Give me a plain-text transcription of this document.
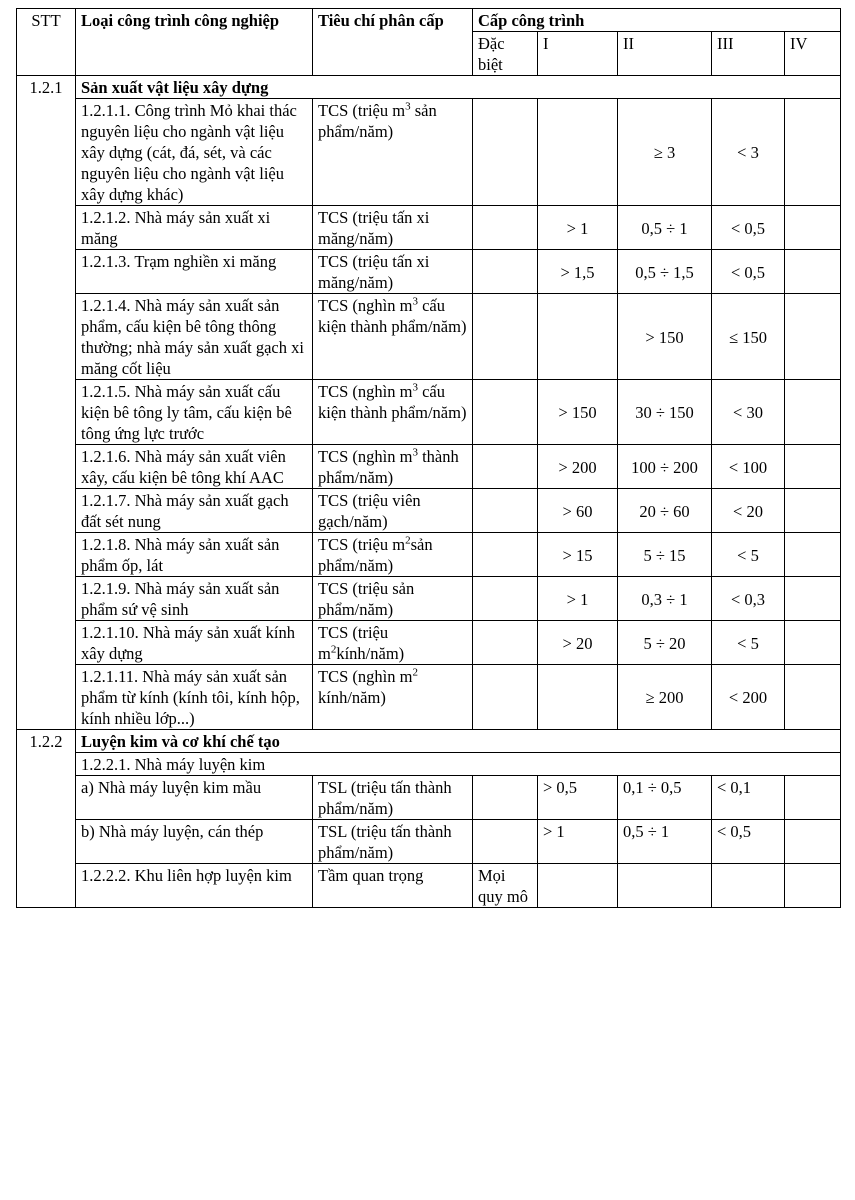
STT	Loại công trình công nghiệp	Tiêu chí phân cấp	Cấp công trình				
			Đặc biệt	I	II	III	IV
1.2.1	Sản xuất vật liệu xây dựng						
	1.2.1.1. Công trình Mỏ khai thác nguyên liệu cho ngành vật liệu xây dựng (cát, đá, sét, và các nguyên liệu cho ngành vật liệu xây dựng khác)	TCS (triệu $m^3$ sản phẩm/năm)			≥ 3	< 3	
	1.2.1.2. Nhà máy sản xuất xi măng	TCS (triệu tấn xi măng/năm)		> 1	0,5 ÷ 1	< 0,5	
	1.2.1.3. Trạm nghiền xi măng	TCS (triệu tấn xi măng/năm)		> 1,5	0,5 ÷ 1,5	< 0,5	
	1.2.1.4. Nhà máy sản xuất sản phẩm, cấu kiện bê tông thông thường; nhà máy sản xuất gạch xi măng cốt liệu	TCS (nghìn $m^3$ cấu kiện thành phẩm/năm)			> 150	≤ 150	
	1.2.1.5. Nhà máy sản xuất cấu kiện bê tông ly tâm, cấu kiện bê tông ứng lực trước	TCS (nghìn $m^3$ cấu kiện thành phẩm/năm)		> 150	30 ÷ 150	< 30	
	1.2.1.6. Nhà máy sản xuất viên xây, cấu kiện bê tông khí AAC	TCS (nghìn $m^3$ thành phẩm/năm)		> 200	100 ÷ 200	< 100	
	1.2.1.7. Nhà máy sản xuất gạch đất sét nung	TCS (triệu viên gạch/năm)		> 60	20 ÷ 60	< 20	
	1.2.1.8. Nhà máy sản xuất sản phẩm ốp, lát	TCS (triệu $m^2sản$ phẩm/năm)		> 15	5 ÷ 15	< 5	
	1.2.1.9. Nhà máy sản xuất sản phẩm sứ vệ sinh	TCS (triệu sản phẩm/năm)		> 1	0,3 ÷ 1	< 0,3	
	1.2.1.10. Nhà máy sản xuất kính xây dựng	TCS (triệu $m^2kính/năm$)		> 20	5 ÷ 20	< 5	
	1.2.1.11. Nhà máy sản xuất sản phẩm từ kính (kính tôi, kính hộp, kính nhiều lớp...)	TCS (nghìn $m^2$ kính/năm)			≥ 200	< 200	
1.2.2	Luyện kim và cơ khí chế tạo						
	1.2.2.1. Nhà máy luyện kim						
	a) Nhà máy luyện kim mầu	TSL (triệu tấn thành phẩm/năm)		> 0,5	0,1 ÷ 0,5	< 0,1	
	b) Nhà máy luyện, cán thép	TSL (triệu tấn thành phẩm/năm)		> 1	0,5 ÷ 1	< 0,5	
	1.2.2.2. Khu liên hợp luyện kim	Tầm quan trọng	Mọi quy mô				
